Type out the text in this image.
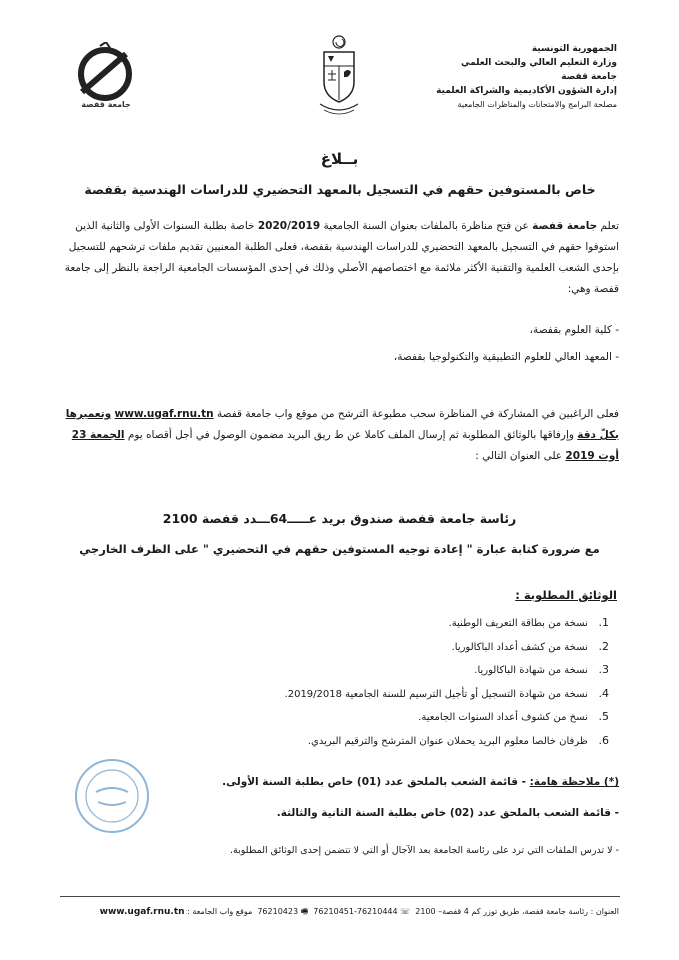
الجمهورية التونسية
وزارة التعليم العالي والبحث العلمي
جامعة قفصة
إدارة الشؤون الأكاديمية والشراكة العلمية
مصلحة البرامج والامتحانات والمناظرات الجامعية
جامعة قفصة
بــلاغ
خاص بالمستوفين حقهم في التسجيل بالمعهد التحضيري للدراسات الهندسية بقفصة
تعلم جامعة قفصة عن فتح مناظرة بالملفات بعنوان السنة الجامعية 2020/2019 خاصة بطلبة السنوات الأولى والثانية الذين استوفوا حقهم في التسجيل بالمعهد التحضيري للدراسات الهندسية بقفصة، فعلى الطلبة المعنيين تقديم ملفات ترشحهم للتسجيل بإحدى الشعب العلمية والتقنية الأكثر ملائمة مع اختصاصهم الأصلي وذلك في إحدى المؤسسات الجامعية الراجعة بالنظر إلى جامعة قفصة وهي:
- كلية العلوم بقفصة،
- المعهد العالي للعلوم التطبيقية والتكنولوجيا بقفصة،
فعلى الراغبين في المشاركة في المناظرة سحب مطبوعة الترشح من موقع واب جامعة قفصة www.ugaf.rnu.tn وتعميرها بكلّ دقة وإرفاقها بالوثائق المطلوبة ثم إرسال الملف كاملا عن ط ريق البريد مضمون الوصول في أجل أقصاه يوم الجمعة 23 أوت 2019 على العنوان التالي :
رئاسة جامعة قفصة صندوق بريد عـــــ64ـــدد قفصة 2100
مع ضرورة كتابة عبارة " إعادة توجيه المستوفين حقهم في التحضيري " على الظرف الخارجي
الوثائق المطلوبة :
1. نسخة من بطاقة التعريف الوطنية.
2. نسخة من كشف أعداد الباكالوريا.
3. نسخة من شهادة الباكالوريا.
4. نسخة من شهادة التسجيل أو تأجيل الترسيم للسنة الجامعية 2019/2018.
5. نسخ من كشوف أعداد السنوات الجامعية.
6. ظرفان خالصا معلوم البريد يحملان عنوان المترشح والترقيم البريدي.
(*) ملاحظة هامة: - قائمة الشعب بالملحق عدد (01) خاص بطلبة السنة الأولى.
- قائمة الشعب بالملحق عدد (02) خاص بطلبة السنة الثانية والثالثة.
- لا تدرس الملفات التي ترد على رئاسة الجامعة بعد الآجال أو التي لا تتضمن إحدى الوثائق المطلوبة.
العنوان : رئاسة جامعة قفصة، طريق توزر كم 4 قفصة– 2100  ☏ 76210444-76210451  🖷 76210423  موقع واب الجامعة : www.ugaf.rnu.tn
